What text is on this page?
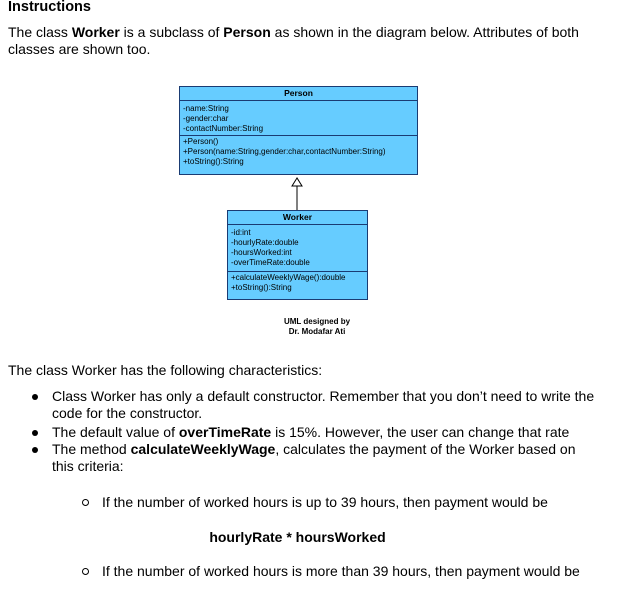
Instructions
The class Worker is a subclass of Person as shown in the diagram below. Attributes of both classes are shown too.
Person
-name:String
-gender:char
-contactNumber:String
+Person()
+Person(name:String,gender:char,contactNumber:String)
+toString():String
Worker
-id:int
-hourlyRate:double
-hoursWorked:int
-overTimeRate:double
+calculateWeeklyWage():double
+toString():String
UML designed by
Dr. Modafar Ati
The class Worker has the following characteristics:
Class Worker has only a default constructor. Remember that you don’t need to write the code for the constructor.
The default value of overTimeRate is 15%. However, the user can change that rate
The method calculateWeeklyWage, calculates the payment of the Worker based on this criteria:
If the number of worked hours is up to 39 hours, then payment would be
hourlyRate * hoursWorked
If the number of worked hours is more than 39 hours, then payment would be
